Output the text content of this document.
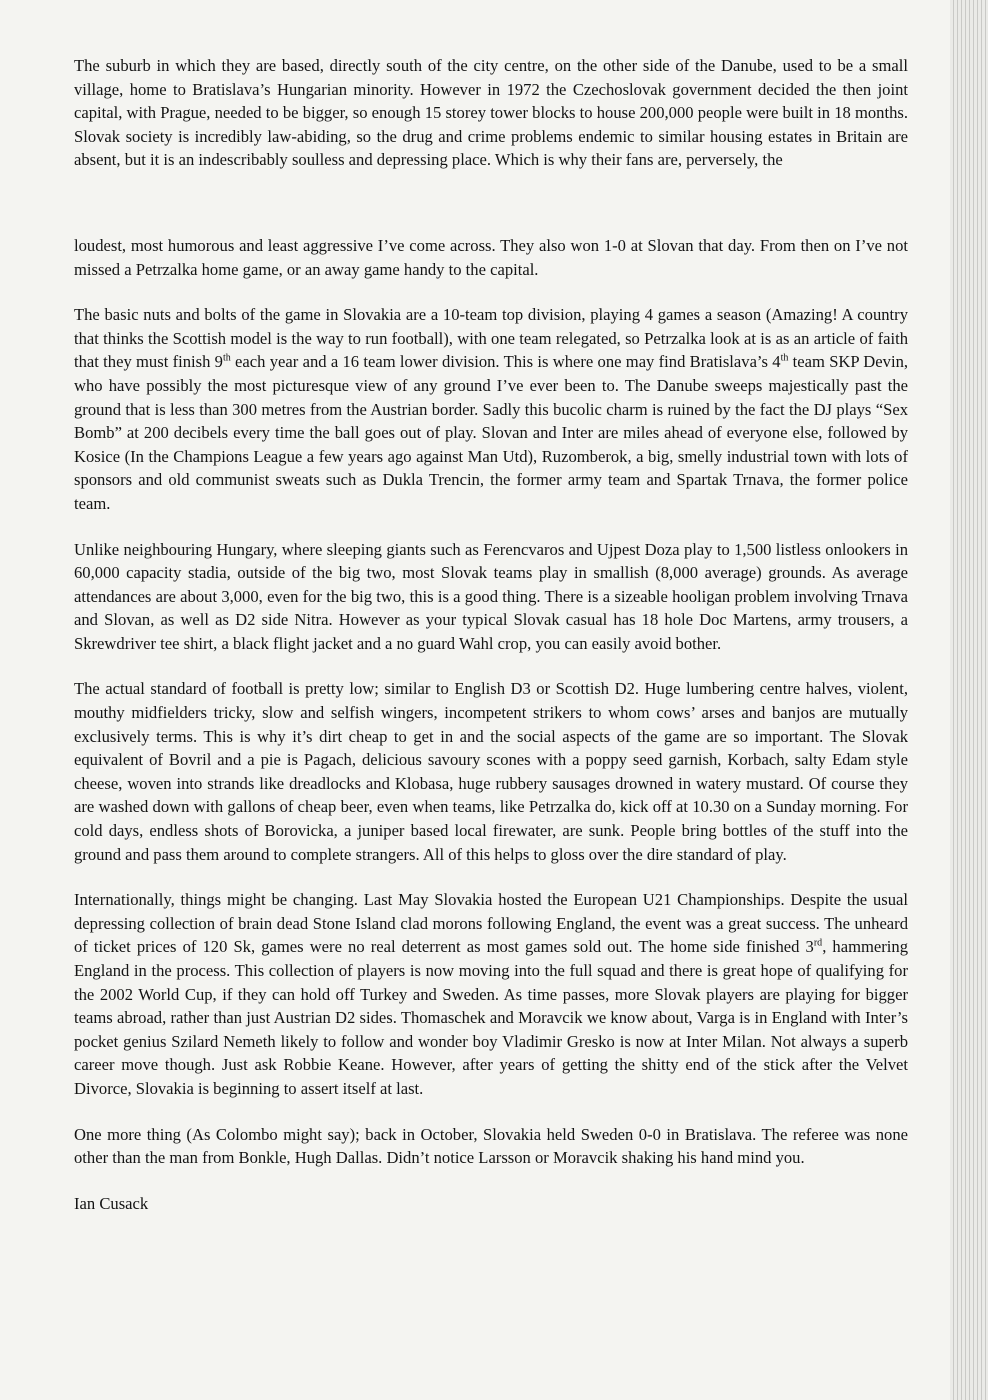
The suburb in which they are based, directly south of the city centre, on the other side of the Danube, used to be a small village, home to Bratislava’s Hungarian minority. However in 1972 the Czechoslovak government decided the then joint capital, with Prague, needed to be bigger, so enough 15 storey tower blocks to house 200,000 people were built in 18 months. Slovak society is incredibly law-abiding, so the drug and crime problems endemic to similar housing estates in Britain are absent, but it is an indescribably soulless and depressing place. Which is why their fans are, perversely, the

loudest, most humorous and least aggressive I’ve come across. They also won 1-0 at Slovan that day. From then on I’ve not missed a Petrzalka home game, or an away game handy to the capital.

The basic nuts and bolts of the game in Slovakia are a 10-team top division, playing 4 games a season (Amazing! A country that thinks the Scottish model is the way to run football), with one team relegated, so Petrzalka look at is as an article of faith that they must finish 9th each year and a 16 team lower division. This is where one may find Bratislava’s 4th team SKP Devin, who have possibly the most picturesque view of any ground I’ve ever been to. The Danube sweeps majestically past the ground that is less than 300 metres from the Austrian border. Sadly this bucolic charm is ruined by the fact the DJ plays “Sex Bomb” at 200 decibels every time the ball goes out of play. Slovan and Inter are miles ahead of everyone else, followed by Kosice (In the Champions League a few years ago against Man Utd), Ruzomberok, a big, smelly industrial town with lots of sponsors and old communist sweats such as Dukla Trencin, the former army team and Spartak Trnava, the former police team.

Unlike neighbouring Hungary, where sleeping giants such as Ferencvaros and Ujpest Doza play to 1,500 listless onlookers in 60,000 capacity stadia, outside of the big two, most Slovak teams play in smallish (8,000 average) grounds. As average attendances are about 3,000, even for the big two, this is a good thing. There is a sizeable hooligan problem involving Trnava and Slovan, as well as D2 side Nitra. However as your typical Slovak casual has 18 hole Doc Martens, army trousers, a Skrewdriver tee shirt, a black flight jacket and a no guard Wahl crop, you can easily avoid bother.

The actual standard of football is pretty low; similar to English D3 or Scottish D2. Huge lumbering centre halves, violent, mouthy midfielders tricky, slow and selfish wingers, incompetent strikers to whom cows’ arses and banjos are mutually exclusively terms. This is why it’s dirt cheap to get in and the social aspects of the game are so important. The Slovak equivalent of Bovril and a pie is Pagach, delicious savoury scones with a poppy seed garnish, Korbach, salty Edam style cheese, woven into strands like dreadlocks and Klobasa, huge rubbery sausages drowned in watery mustard. Of course they are washed down with gallons of cheap beer, even when teams, like Petrzalka do, kick off at 10.30 on a Sunday morning. For cold days, endless shots of Borovicka, a juniper based local firewater, are sunk. People bring bottles of the stuff into the ground and pass them around to complete strangers. All of this helps to gloss over the dire standard of play.

Internationally, things might be changing. Last May Slovakia hosted the European U21 Championships. Despite the usual depressing collection of brain dead Stone Island clad morons following England, the event was a great success. The unheard of ticket prices of 120 Sk, games were no real deterrent as most games sold out. The home side finished 3rd, hammering England in the process. This collection of players is now moving into the full squad and there is great hope of qualifying for the 2002 World Cup, if they can hold off Turkey and Sweden. As time passes, more Slovak players are playing for bigger teams abroad, rather than just Austrian D2 sides. Thomaschek and Moravcik we know about, Varga is in England with Inter’s pocket genius Szilard Nemeth likely to follow and wonder boy Vladimir Gresko is now at Inter Milan. Not always a superb career move though. Just ask Robbie Keane. However, after years of getting the shitty end of the stick after the Velvet Divorce, Slovakia is beginning to assert itself at last.

One more thing (As Colombo might say); back in October, Slovakia held Sweden 0-0 in Bratislava. The referee was none other than the man from Bonkle, Hugh Dallas. Didn’t notice Larsson or Moravcik shaking his hand mind you.

Ian Cusack
